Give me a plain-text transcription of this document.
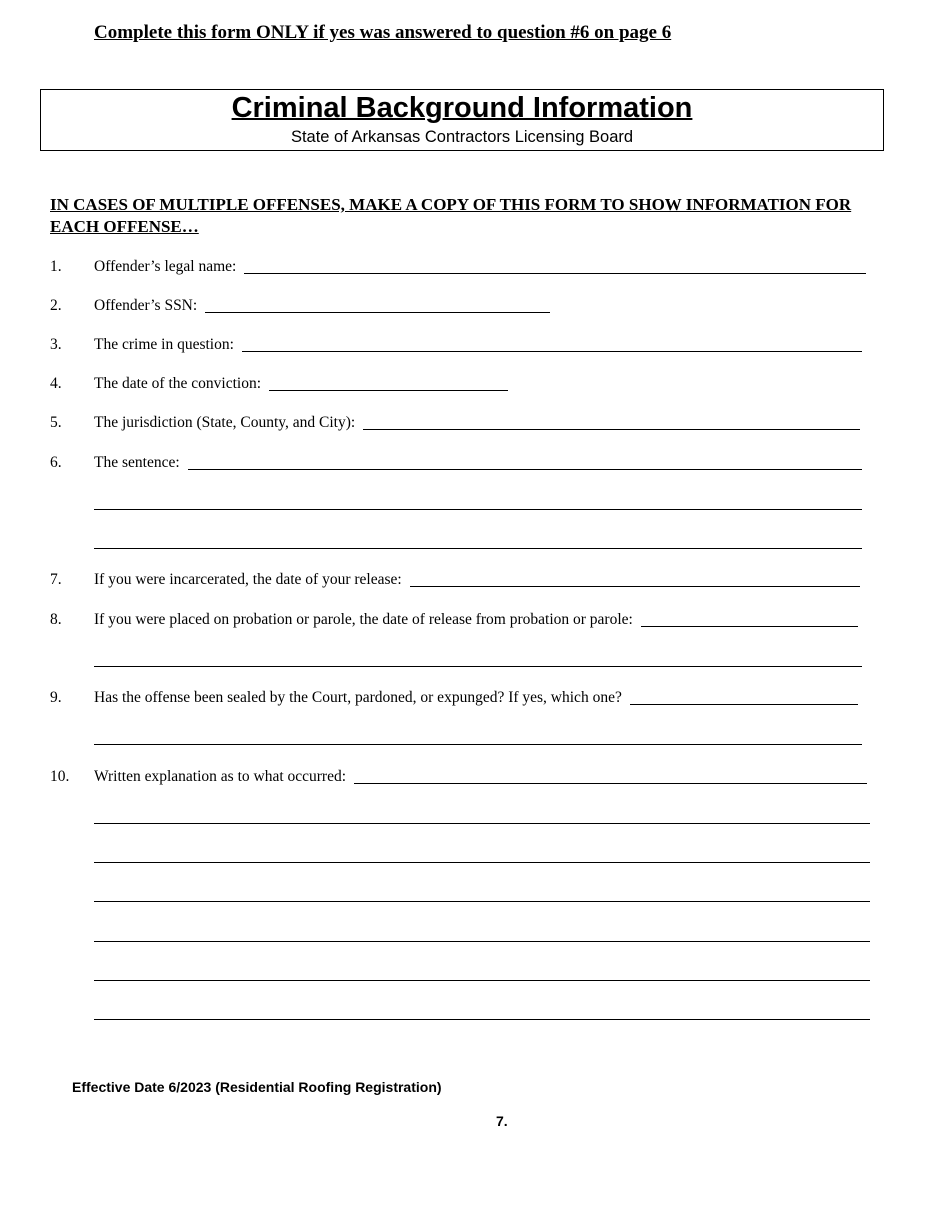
Complete this form ONLY if yes was answered to question #6 on page 6
Criminal Background Information
State of Arkansas Contractors Licensing Board
IN CASES OF MULTIPLE OFFENSES, MAKE A COPY OF THIS FORM TO SHOW INFORMATION FOR EACH OFFENSE…
1. Offender’s legal name:
2. Offender’s SSN:
3. The crime in question:
4. The date of the conviction:
5. The jurisdiction (State, County, and City):
6. The sentence:
7. If you were incarcerated, the date of your release:
8. If you were placed on probation or parole, the date of release from probation or parole:
9. Has the offense been sealed by the Court, pardoned, or expunged? If yes, which one?
10. Written explanation as to what occurred:
Effective Date 6/2023 (Residential Roofing Registration)
7.
